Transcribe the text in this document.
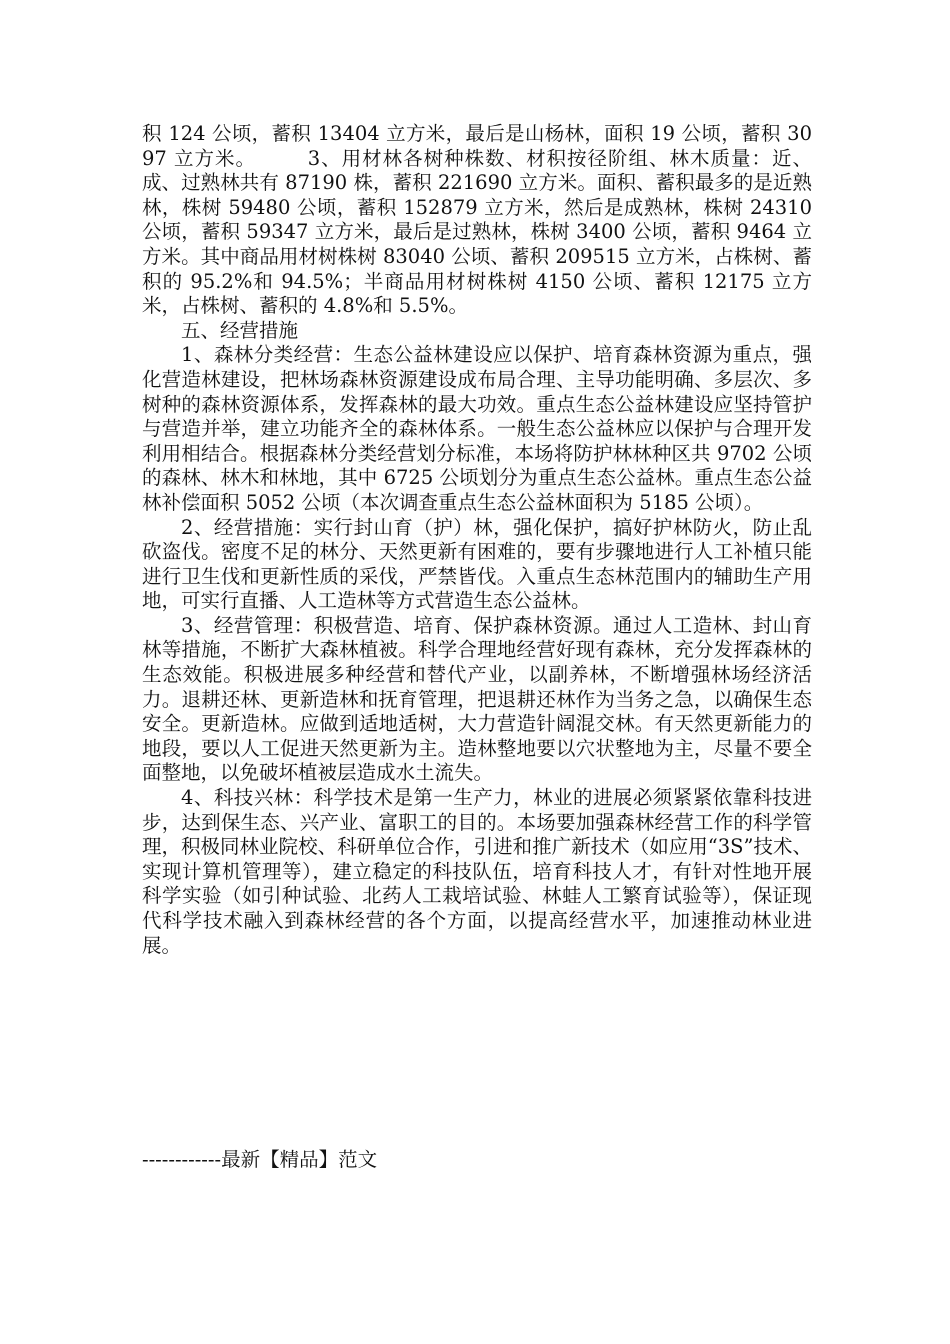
积 124 公顷，蓄积 13404 立方米，最后是山杨林，面积 19 公顷，蓄积 3097 立方米。　　　3、用材林各树种株数、材积按径阶组、林木质量：近、成、过熟林共有 87190 株，蓄积 221690 立方米。面积、蓄积最多的是近熟林，株树 59480 公顷，蓄积 152879 立方米，然后是成熟林，株树 24310 公顷，蓄积 59347 立方米，最后是过熟林，株树 3400 公顷，蓄积 9464 立方米。其中商品用材树株树 83040 公顷、蓄积 209515 立方米，占株树、蓄积的 95.2%和 94.5%；半商品用材树株树 4150 公顷、蓄积 12175 立方米，占株树、蓄积的 4.8%和 5.5%。

五、经营措施

1、森林分类经营：生态公益林建设应以保护、培育森林资源为重点，强化营造林建设，把林场森林资源建设成布局合理、主导功能明确、多层次、多树种的森林资源体系，发挥森林的最大功效。重点生态公益林建设应坚持管护与营造并举，建立功能齐全的森林体系。一般生态公益林应以保护与合理开发利用相结合。根据森林分类经营划分标准，本场将防护林林种区共 9702 公顷的森林、林木和林地，其中 6725 公顷划分为重点生态公益林。重点生态公益林补偿面积 5052 公顷（本次调查重点生态公益林面积为 5185 公顷）。

2、经营措施：实行封山育（护）林，强化保护，搞好护林防火，防止乱砍盗伐。密度不足的林分、天然更新有困难的，要有步骤地进行人工补植只能进行卫生伐和更新性质的采伐，严禁皆伐。入重点生态林范围内的辅助生产用地，可实行直播、人工造林等方式营造生态公益林。

3、经营管理：积极营造、培育、保护森林资源。通过人工造林、封山育林等措施，不断扩大森林植被。科学合理地经营好现有森林，充分发挥森林的生态效能。积极进展多种经营和替代产业，以副养林，不断增强林场经济活力。退耕还林、更新造林和抚育管理，把退耕还林作为当务之急，以确保生态安全。更新造林。应做到适地适树，大力营造针阔混交林。有天然更新能力的地段，要以人工促进天然更新为主。造林整地要以穴状整地为主，尽量不要全面整地，以免破坏植被层造成水土流失。

4、科技兴林：科学技术是第一生产力，林业的进展必须紧紧依靠科技进步，达到保生态、兴产业、富职工的目的。本场要加强森林经营工作的科学管理，积极同林业院校、科研单位合作，引进和推广新技术（如应用“3S”技术、实现计算机管理等），建立稳定的科技队伍，培育科技人才，有针对性地开展科学实验（如引种试验、北药人工栽培试验、林蛙人工繁育试验等），保证现代科学技术融入到森林经营的各个方面，以提高经营水平，加速推动林业进展。

------------最新【精品】范文
